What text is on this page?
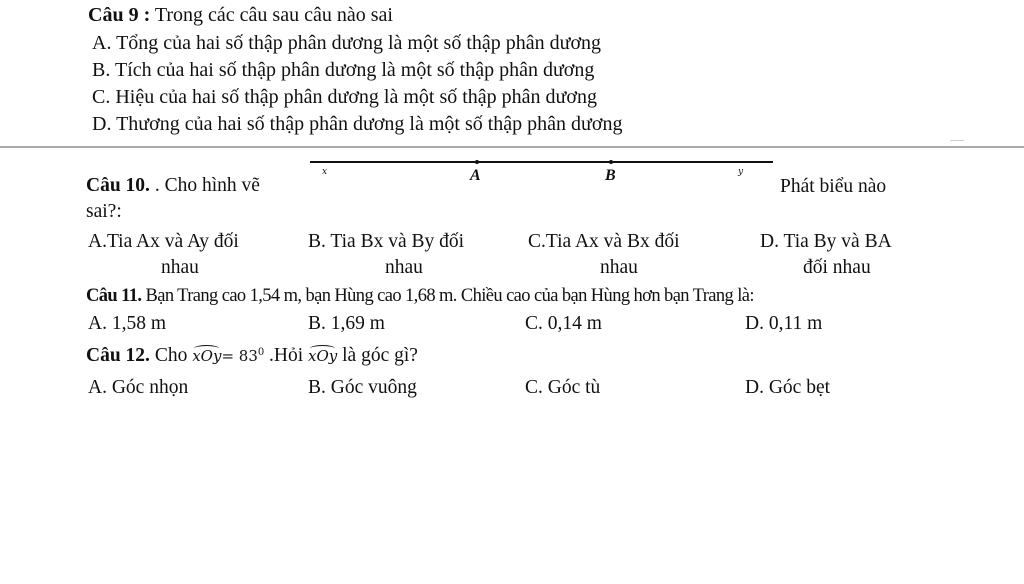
Câu 9 : Trong các câu sau câu nào sai
A. Tổng của hai số thập phân dương là một số thập phân dương
B. Tích của hai số thập phân dương là một số thập phân dương
C. Hiệu của hai số thập phân dương là một số thập phân dương
D. Thương của hai số thập phân dương là một số thập phân dương
Câu 10. . Cho hình vẽ
x	A	B	y
Phát biểu nào
sai?:
A.Tia Ax và Ay đối
nhau
B. Tia Bx và By đối
nhau
C.Tia Ax và Bx đối
nhau
D. Tia By và BA
đối nhau
Câu 11. Bạn Trang cao 1,54 m, bạn Hùng cao 1,68 m. Chiều cao của bạn Hùng hơn bạn Trang là:
A. 1,58 m	B. 1,69 m	C. 0,14 m	D. 0,11 m
Câu 12. Cho $xOy= 83^0$ .Hỏi xOy là góc gì?
A. Góc nhọn	B. Góc vuông	C. Góc tù	D. Góc bẹt
